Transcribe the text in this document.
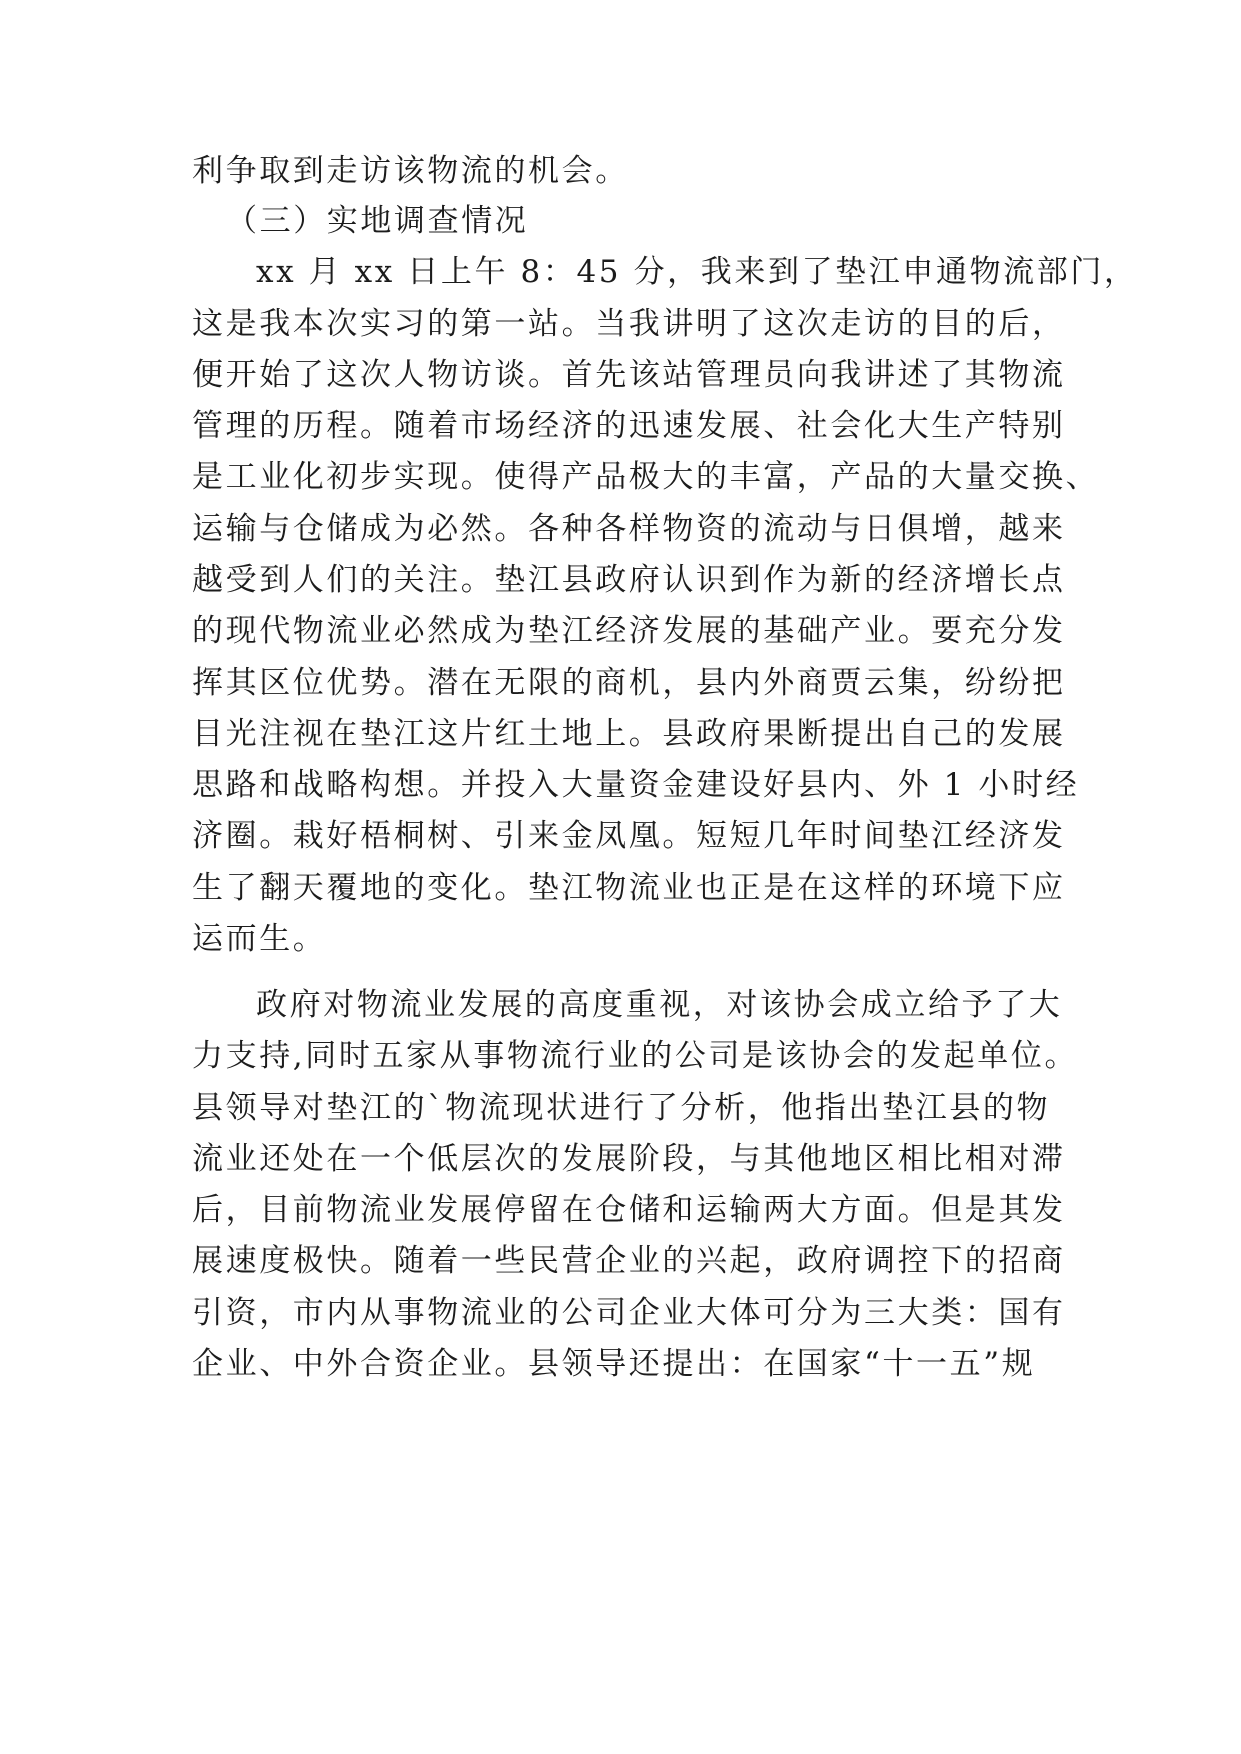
利争取到走访该物流的机会。
（三）实地调查情况
xx 月 xx 日上午 8：45 分，我来到了垫江申通物流部门，
这是我本次实习的第一站。当我讲明了这次走访的目的后，
便开始了这次人物访谈。首先该站管理员向我讲述了其物流
管理的历程。随着市场经济的迅速发展、社会化大生产特别
是工业化初步实现。使得产品极大的丰富，产品的大量交换、
运输与仓储成为必然。各种各样物资的流动与日俱增，越来
越受到人们的关注。垫江县政府认识到作为新的经济增长点
的现代物流业必然成为垫江经济发展的基础产业。要充分发
挥其区位优势。潜在无限的商机，县内外商贾云集，纷纷把
目光注视在垫江这片红土地上。县政府果断提出自己的发展
思路和战略构想。并投入大量资金建设好县内、外 1 小时经
济圈。栽好梧桐树、引来金凤凰。短短几年时间垫江经济发
生了翻天覆地的变化。垫江物流业也正是在这样的环境下应
运而生。
政府对物流业发展的高度重视，对该协会成立给予了大
力支持,同时五家从事物流行业的公司是该协会的发起单位。
县领导对垫江的`物流现状进行了分析，他指出垫江县的物
流业还处在一个低层次的发展阶段，与其他地区相比相对滞
后，目前物流业发展停留在仓储和运输两大方面。但是其发
展速度极快。随着一些民营企业的兴起，政府调控下的招商
引资，市内从事物流业的公司企业大体可分为三大类：国有
企业、中外合资企业。县领导还提出：在国家“十一五”规
